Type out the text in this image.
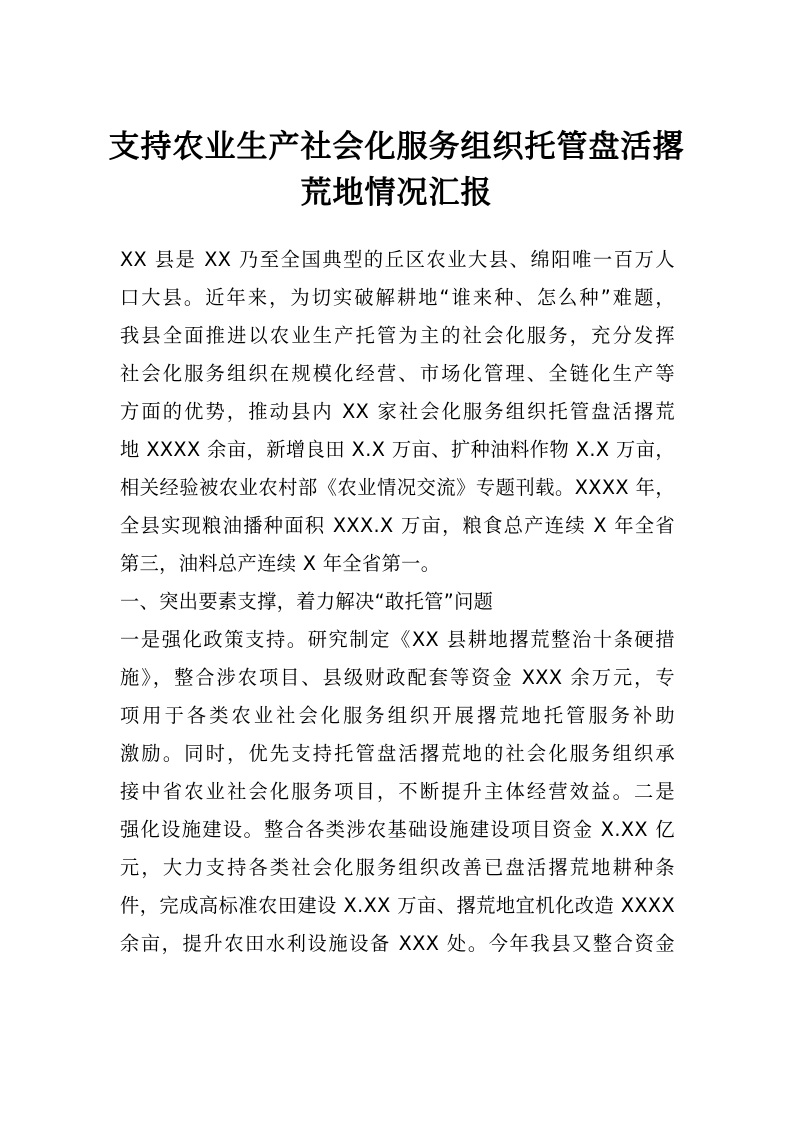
支持农业生产社会化服务组织托管盘活撂
荒地情况汇报
XX 县是 XX 乃至全国典型的丘区农业大县、绵阳唯一百万人
口大县。近年来，为切实破解耕地“谁来种、怎么种”难题，
我县全面推进以农业生产托管为主的社会化服务，充分发挥
社会化服务组织在规模化经营、市场化管理、全链化生产等
方面的优势，推动县内 XX 家社会化服务组织托管盘活撂荒
地 XXXX 余亩，新增良田 X.X 万亩、扩种油料作物 X.X 万亩，
相关经验被农业农村部《农业情况交流》专题刊载。XXXX 年，
全县实现粮油播种面积 XXX.X 万亩，粮食总产连续 X 年全省
第三，油料总产连续 X 年全省第一。
一、突出要素支撑，着力解决“敢托管”问题
一是强化政策支持。研究制定《XX 县耕地撂荒整治十条硬措
施》，整合涉农项目、县级财政配套等资金 XXX 余万元，专
项用于各类农业社会化服务组织开展撂荒地托管服务补助
激励。同时，优先支持托管盘活撂荒地的社会化服务组织承
接中省农业社会化服务项目，不断提升主体经营效益。二是
强化设施建设。整合各类涉农基础设施建设项目资金 X.XX 亿
元，大力支持各类社会化服务组织改善已盘活撂荒地耕种条
件，完成高标准农田建设 X.XX 万亩、撂荒地宜机化改造 XXXX
余亩，提升农田水利设施设备 XXX 处。今年我县又整合资金
